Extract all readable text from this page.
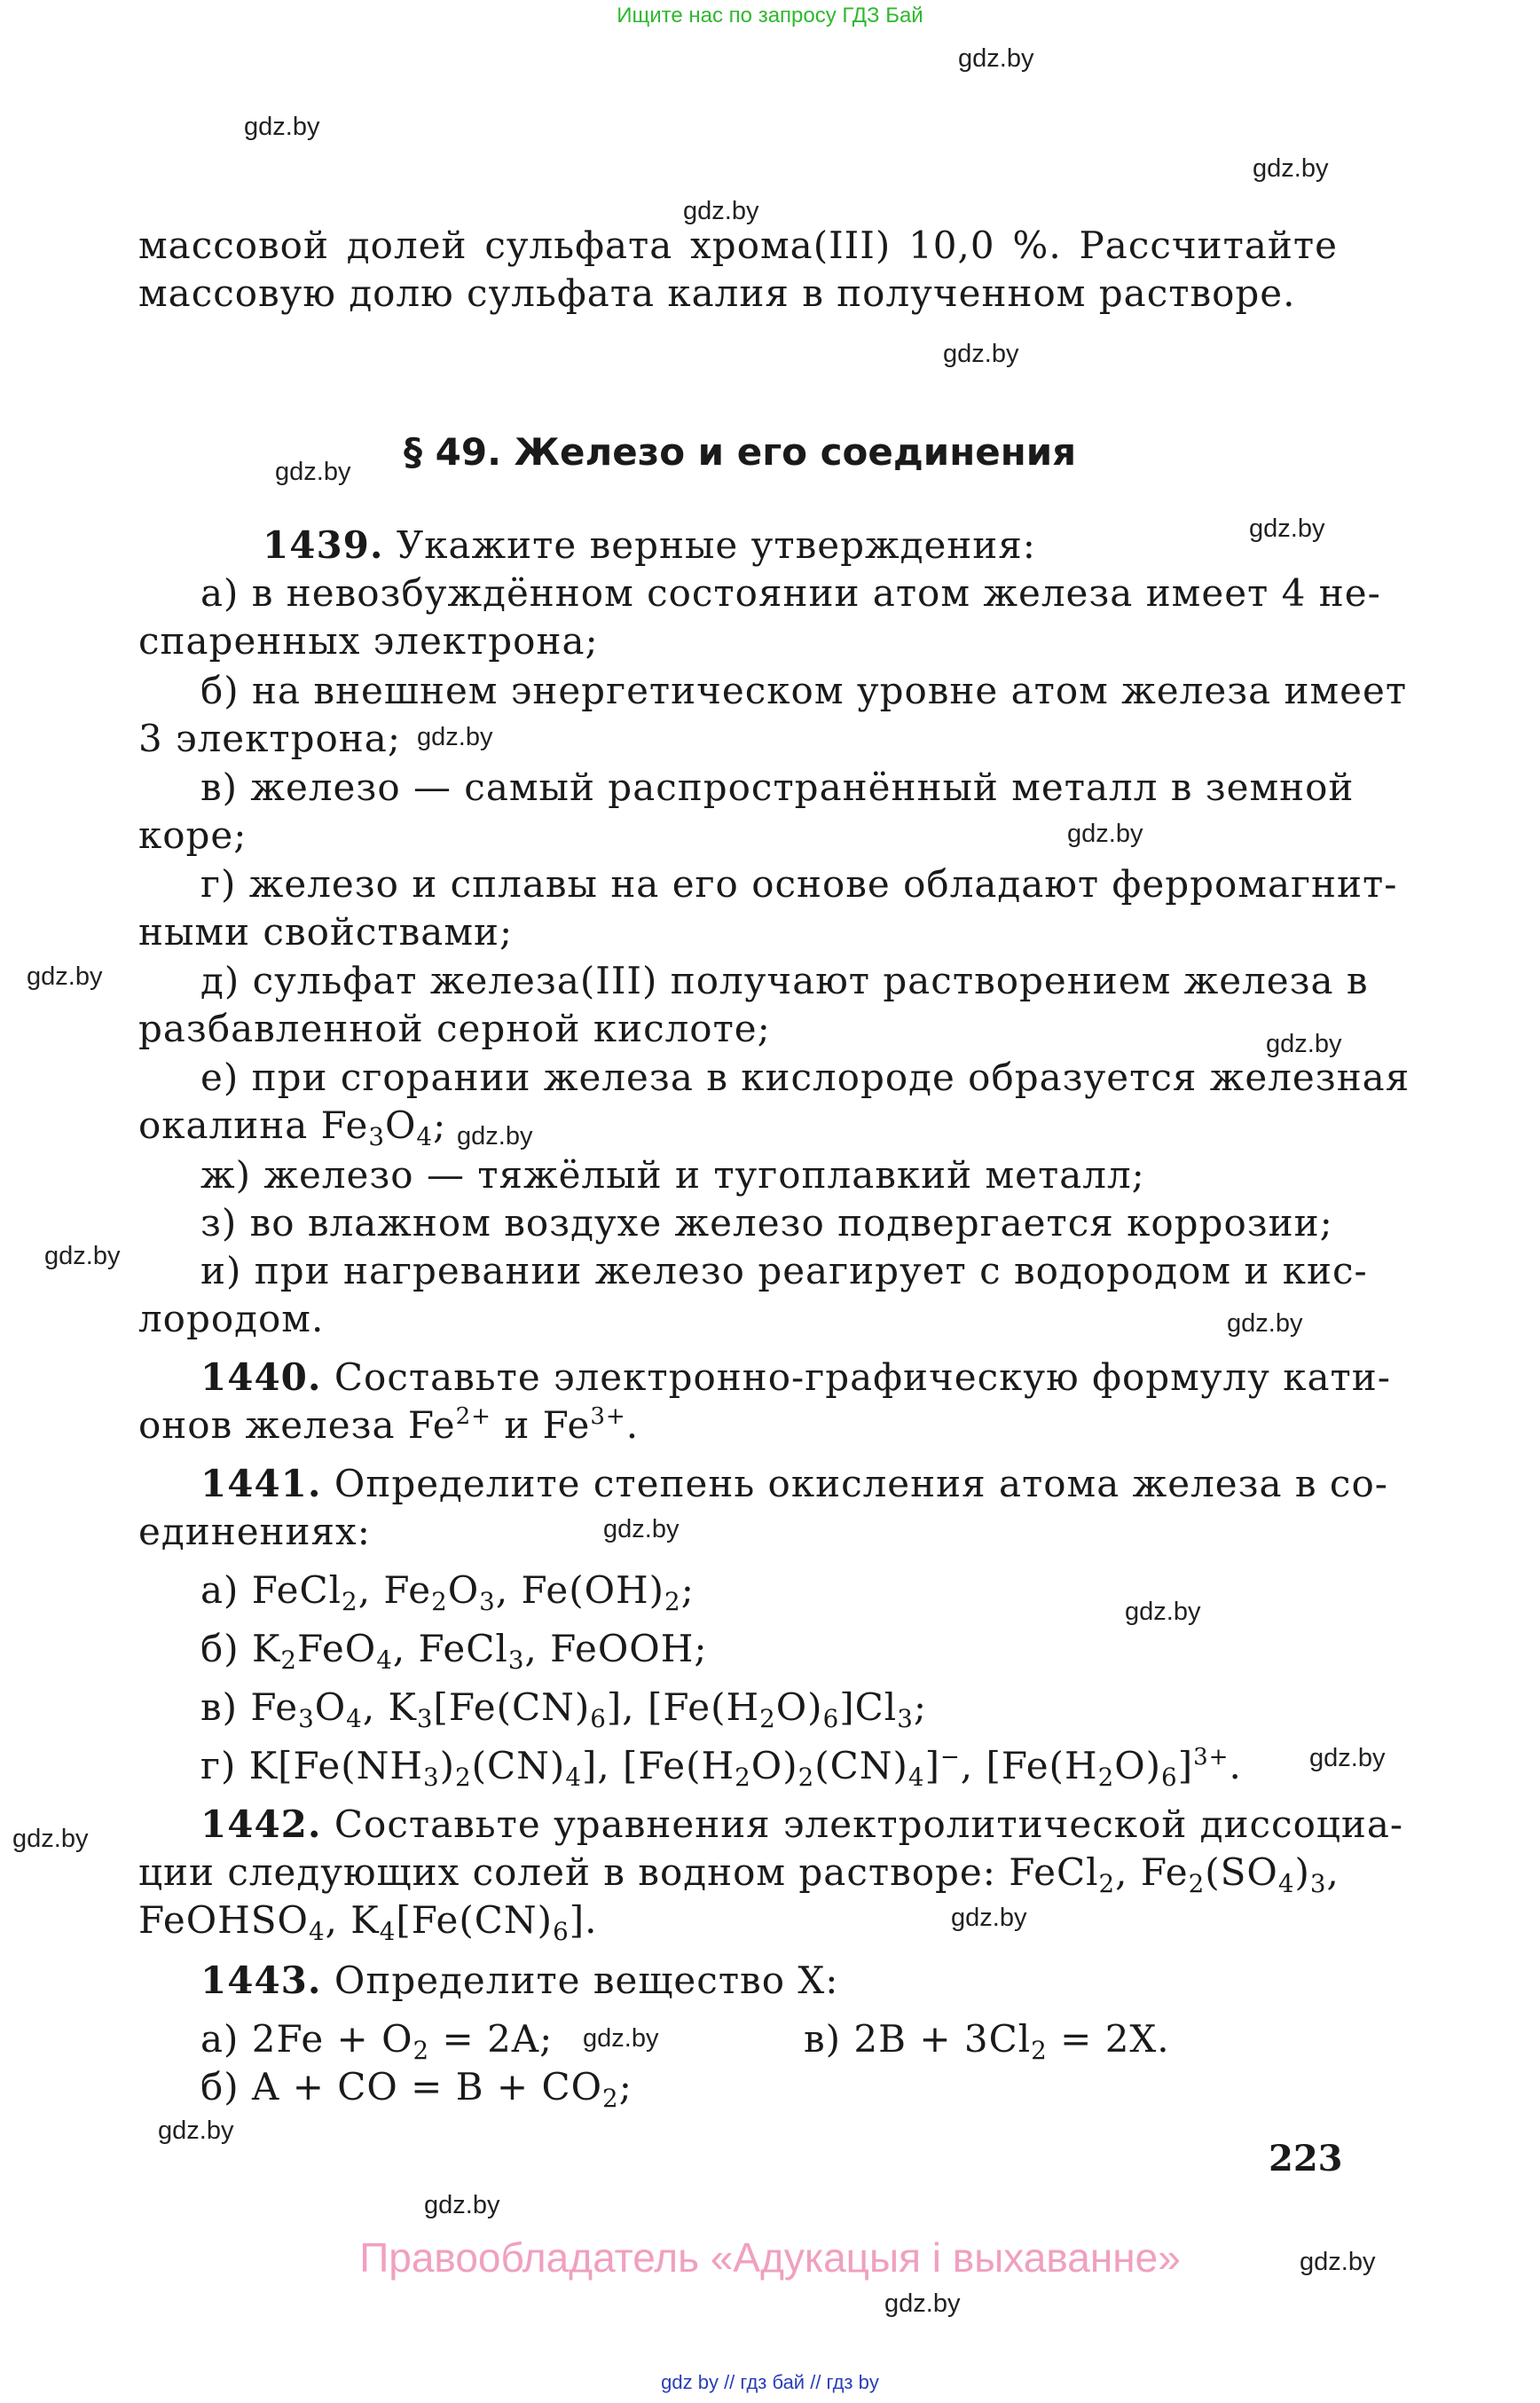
Ищите нас по запросу ГДЗ Бай
gdz.by
gdz.by
gdz.by
gdz.by
gdz.by
gdz.by
gdz.by
gdz.by
gdz.by
gdz.by
gdz.by
gdz.by
gdz.by
gdz.by
gdz.by
gdz.by
gdz.by
gdz.by
gdz.by
gdz.by
gdz.by
gdz.by
gdz.by
gdz.by
массовой долей сульфата хрома(III) 10,0 %. Рассчитайте
массовую долю сульфата калия в полученном растворе.
§ 49. Железо и его соединения
1439. Укажите верные утверждения:
а) в невозбуждённом состоянии атом железа имеет 4 не-
спаренных электрона;
б) на внешнем энергетическом уровне атом железа имеет
3 электрона;
в) железо — самый распространённый металл в земной
коре;
г) железо и сплавы на его основе обладают ферромагнит-
ными свойствами;
д) сульфат железа(III) получают растворением железа в
разбавленной серной кислоте;
е) при сгорании железа в кислороде образуется железная
окалина $Fe_3O_4$;
ж) железо — тяжёлый и тугоплавкий металл;
з) во влажном воздухе железо подвергается коррозии;
и) при нагревании железо реагирует с водородом и кис-
лородом.
1440. Составьте электронно-графическую формулу кати-
онов железа $Fe^{2+}$ и $Fe^{3+}$.
1441. Определите степень окисления атома железа в со-
единениях:
а) FeCl$_2$, $Fe_2O_3$, $Fe(OH)_2$;
б) $K_2FeO_4$, FeCl$_3$, FeOOH;
в) $Fe_3O_4$, $K_3[Fe(CN)_6]$, $[Fe(H_2O)_6]Cl_3$;
г) $K[Fe(NH_3)_2(CN)_4]$, $[Fe(H_2O)_2(CN)_4]^-$, $[Fe(H_2O)_6]^{3+}$.
1442. Составьте уравнения электролитической диссоциа-
ции следующих солей в водном растворе: FeCl$_2$, $Fe_2(SO_4)_3$,
FeOHSO$_4$, $K_4[Fe(CN)_6]$.
1443. Определите вещество X:
а) $2Fe + O_2 = 2A$;	в) $2B + 3Cl_2 = 2X$.
б) A + CO = $B + CO_2$;
223
Правообладатель «Адукацыя і выхаванне»
gdz by // гдз бай // гдз by
